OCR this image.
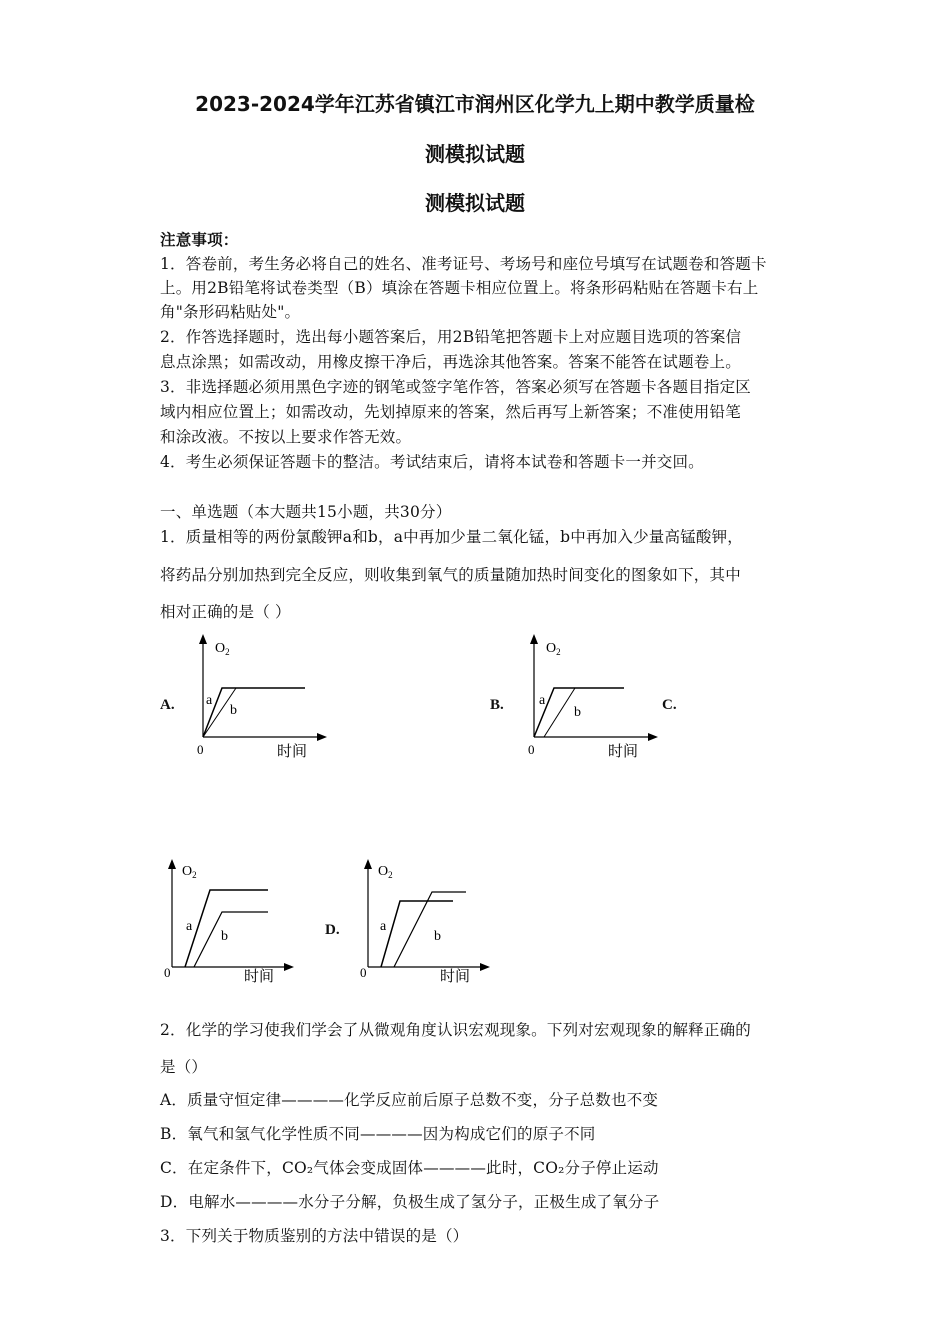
2023-2024学年江苏省镇江市润州区化学九上期中教学质量检
测模拟试题
测模拟试题
注意事项：
1．答卷前，考生务必将自己的姓名、准考证号、考场号和座位号填写在试题卷和答题卡
上。用2B铅笔将试卷类型（B）填涂在答题卡相应位置上。将条形码粘贴在答题卡右上
角"条形码粘贴处"。
2．作答选择题时，选出每小题答案后，用2B铅笔把答题卡上对应题目选项的答案信
息点涂黑；如需改动，用橡皮擦干净后，再选涂其他答案。答案不能答在试题卷上。
3．非选择题必须用黑色字迹的钢笔或签字笔作答，答案必须写在答题卡各题目指定区
域内相应位置上；如需改动，先划掉原来的答案，然后再写上新答案；不准使用铅笔
和涂改液。不按以上要求作答无效。
4．考生必须保证答题卡的整洁。考试结束后，请将本试卷和答题卡一并交回。
一、单选题（本大题共15小题，共30分）
1．质量相等的两份氯酸钾a和b，a中再加少量二氧化锰，b中再加入少量高锰酸钾，
将药品分别加热到完全反应，则收集到氧气的质量随加热时间变化的图象如下，其中
相对正确的是（ ）
A.
$O_2$
a
b
0	时间
B.
$O_2$
a
b
0	时间
C.
$O_2$
a
b
0	时间
D.
$O_2$
a
b
0	时间
2．化学的学习使我们学会了从微观角度认识宏观现象。下列对宏观现象的解释正确的
是（）
A．质量守恒定律————化学反应前后原子总数不变，分子总数也不变
B．氧气和氢气化学性质不同————因为构成它们的原子不同
C．在定条件下，CO₂气体会变成固体————此时，CO₂分子停止运动
D．电解水————水分子分解，负极生成了氢分子，正极生成了氧分子
3．下列关于物质鉴别的方法中错误的是（）
